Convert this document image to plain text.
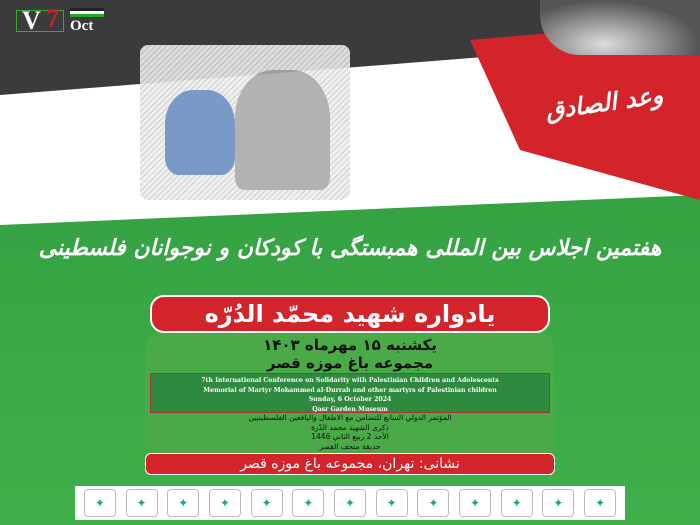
V 7 Oct
وعد الصادق
هفتمین اجلاس بین المللی همبستگی با کودکان و نوجوانان فلسطینی
یادواره شهید محمّد الدُرّه
یکشنبه ۱۵ مهرماه ۱۴۰۳
مجموعه باغ موزه قصر
7th International Conference on Solidarity with Palestinian Children and Adolescents
Memorial of Martyr Mohammed al-Durrah and other martyrs of Palestinian children
Sunday, 6 October 2024
Qasr Garden Museum
المؤتمر الدولي السابع للتضامن مع الاطفال واليافعين الفلسطينيين
ذكرى الشهيد محمد الدّرة
الأحد 2 ربيع الثاني 1446
حديقة متحف القصر
نشانی: تهران، مجموعه باغ موزه قصر
✦	✦	✦	✦	✦	✦	✦	✦	✦	✦	✦	✦	✦
